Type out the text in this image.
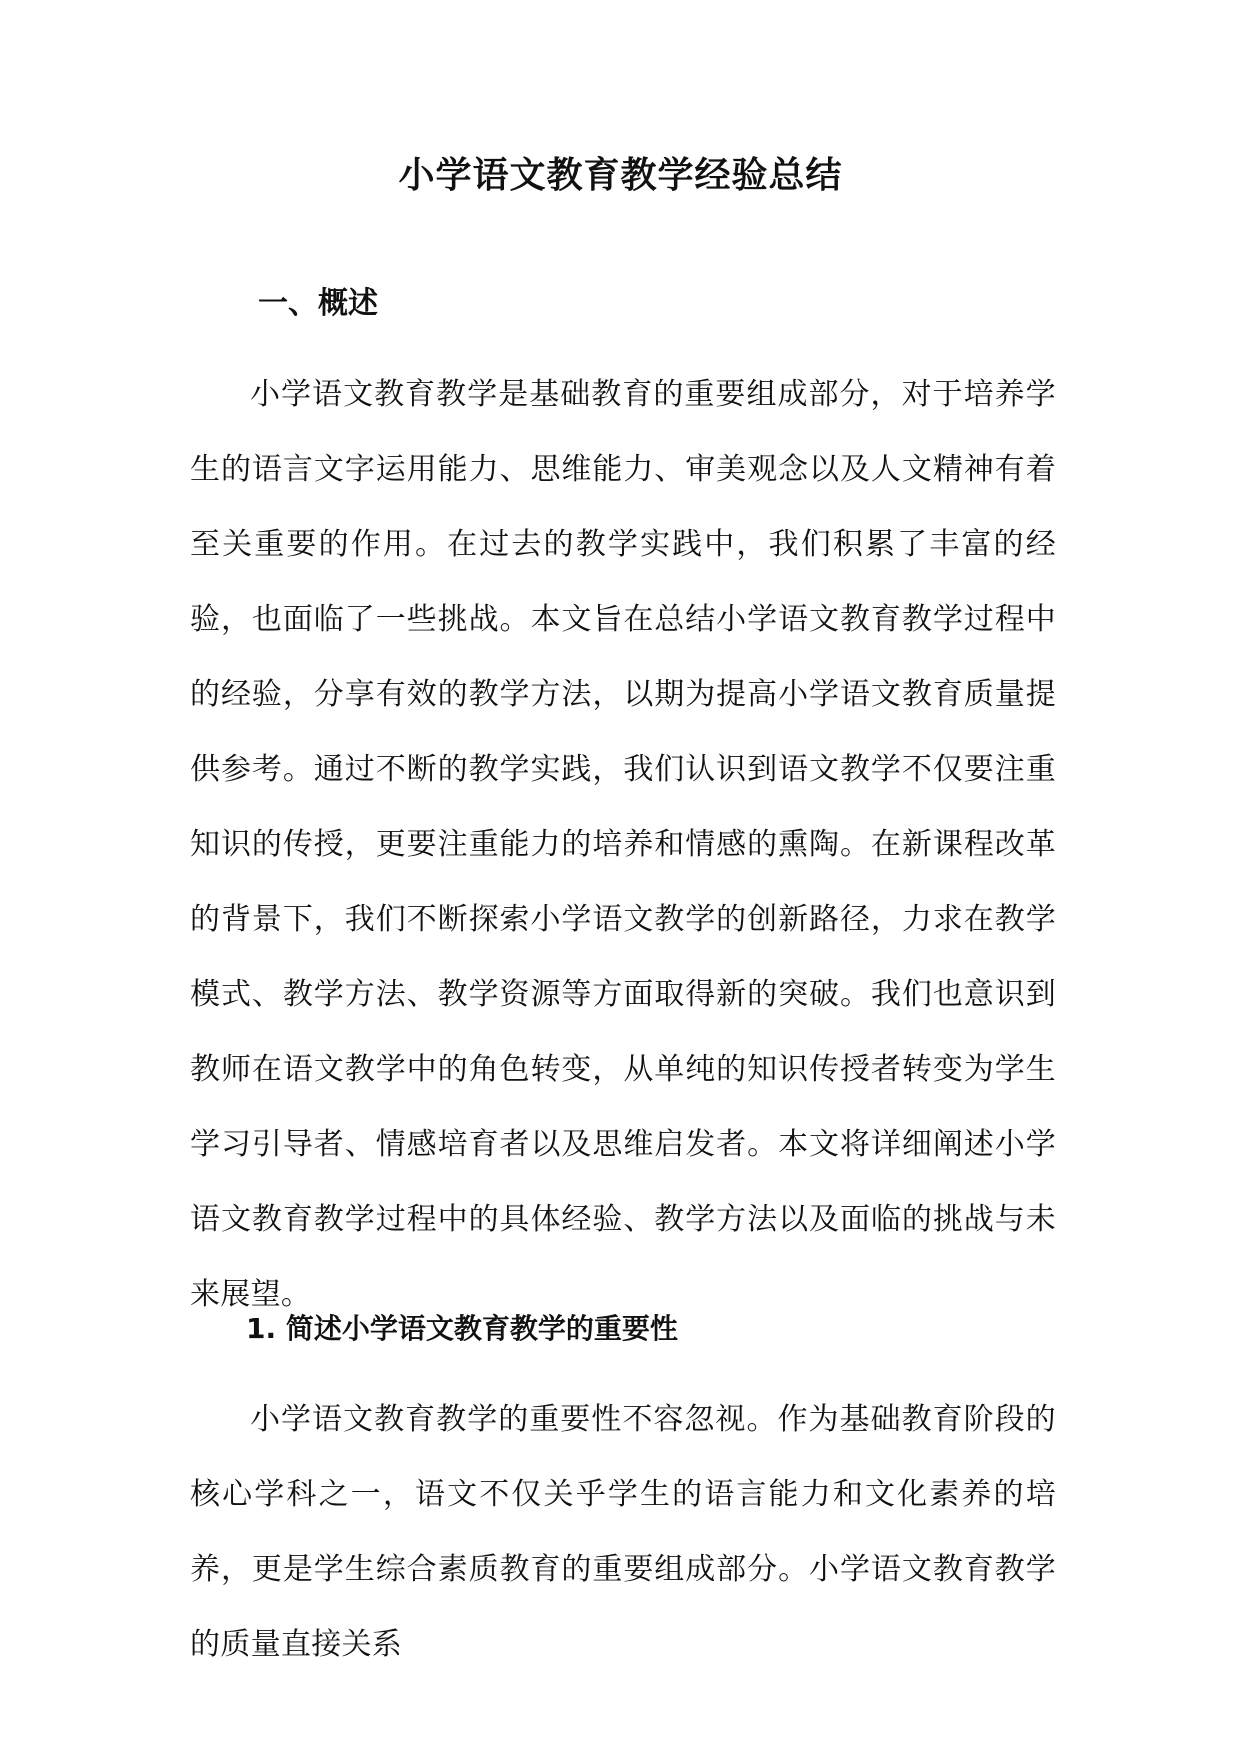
小学语文教育教学经验总结
一、概述

小学语文教育教学是基础教育的重要组成部分，对于培养学生的语言文字运用能力、思维能力、审美观念以及人文精神有着至关重要的作用。在过去的教学实践中，我们积累了丰富的经验，也面临了一些挑战。本文旨在总结小学语文教育教学过程中的经验，分享有效的教学方法，以期为提高小学语文教育质量提供参考。通过不断的教学实践，我们认识到语文教学不仅要注重知识的传授，更要注重能力的培养和情感的熏陶。在新课程改革的背景下，我们不断探索小学语文教学的创新路径，力求在教学模式、教学方法、教学资源等方面取得新的突破。我们也意识到教师在语文教学中的角色转变，从单纯的知识传授者转变为学生学习引导者、情感培育者以及思维启发者。本文将详细阐述小学语文教育教学过程中的具体经验、教学方法以及面临的挑战与未来展望。

1. 简述小学语文教育教学的重要性

小学语文教育教学的重要性不容忽视。作为基础教育阶段的核心学科之一，语文不仅关乎学生的语言能力和文化素养的培养，更是学生综合素质教育的重要组成部分。小学语文教育教学的质量直接关系
